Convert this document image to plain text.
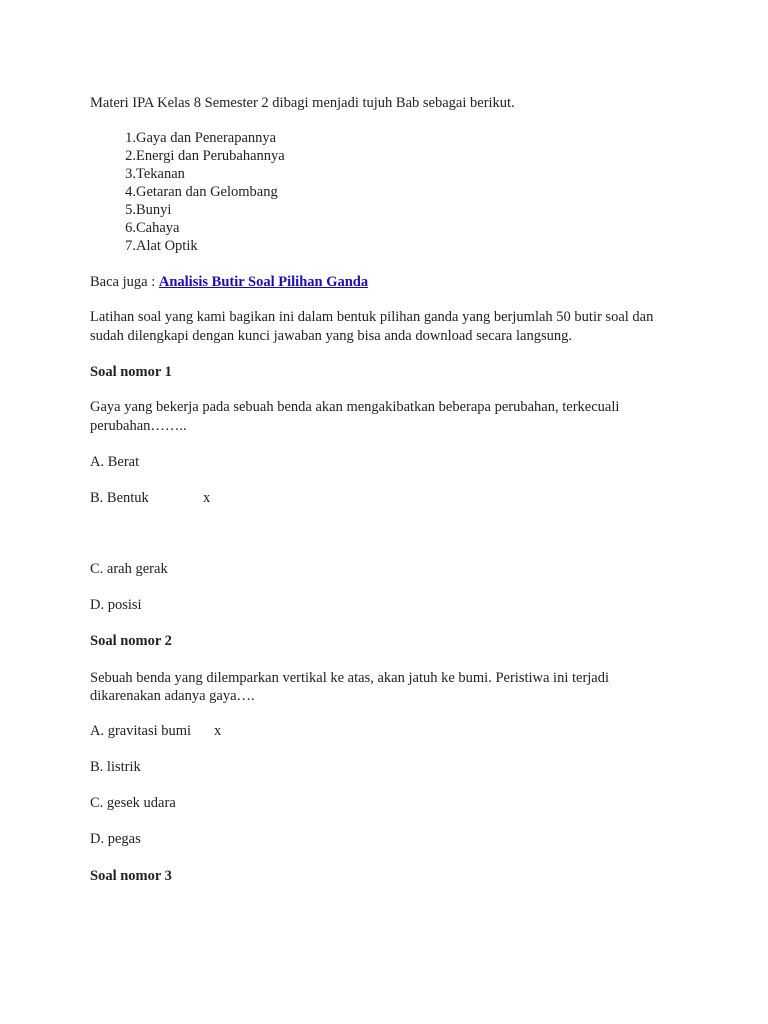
Materi IPA Kelas 8 Semester 2 dibagi menjadi tujuh Bab sebagai berikut.
1. Gaya dan Penerapannya
2. Energi dan Perubahannya
3. Tekanan
4. Getaran dan Gelombang
5. Bunyi
6. Cahaya
7. Alat Optik
Baca juga : Analisis Butir Soal Pilihan Ganda
Latihan soal yang kami bagikan ini dalam bentuk pilihan ganda yang berjumlah 50 butir soal dan
sudah dilengkapi dengan kunci jawaban yang bisa anda download secara langsung.
Soal nomor 1
Gaya yang bekerja pada sebuah benda akan mengakibatkan beberapa perubahan, terkecuali
perubahan……..
A. Berat
B. Bentuk	x
C. arah gerak
D. posisi
Soal nomor 2
Sebuah benda yang dilemparkan vertikal ke atas, akan jatuh ke bumi. Peristiwa ini terjadi
dikarenakan adanya gaya….
A. gravitasi bumi x
B. listrik
C. gesek udara
D. pegas
Soal nomor 3
